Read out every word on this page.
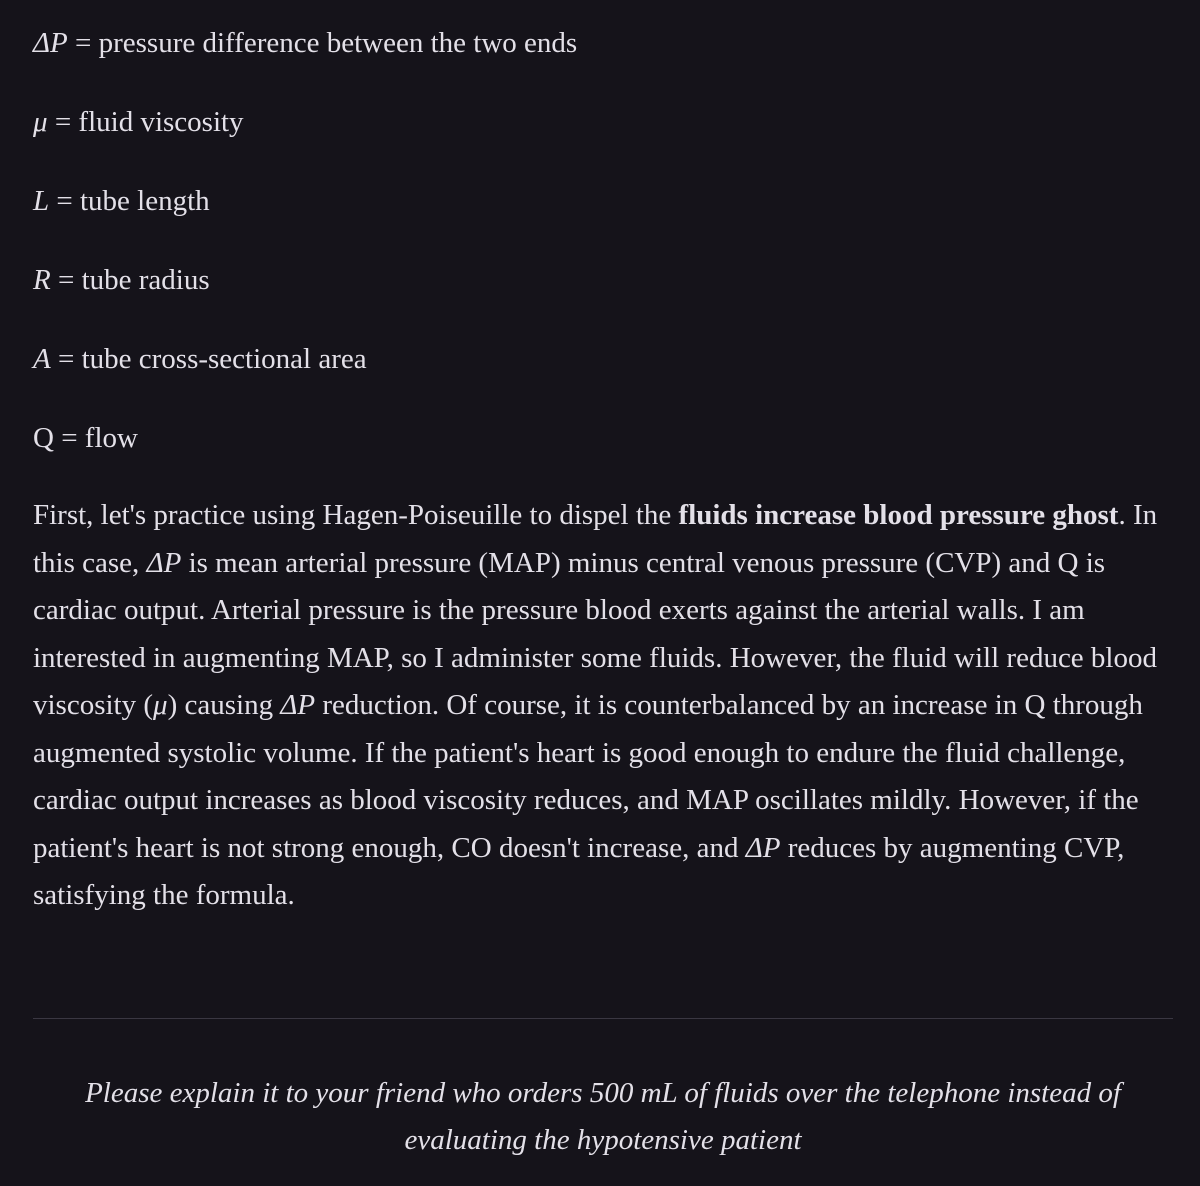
ΔP = pressure difference between the two ends
μ = fluid viscosity
L = tube length
R = tube radius
A = tube cross-sectional area
Q = flow

First, let's practice using Hagen-Poiseuille to dispel the fluids increase blood pressure ghost. In this case, ΔP is mean arterial pressure (MAP) minus central venous pressure (CVP) and Q is cardiac output. Arterial pressure is the pressure blood exerts against the arterial walls. I am interested in augmenting MAP, so I administer some fluids. However, the fluid will reduce blood viscosity (μ) causing ΔP reduction. Of course, it is counterbalanced by an increase in Q through augmented systolic volume. If the patient's heart is good enough to endure the fluid challenge, cardiac output increases as blood viscosity reduces, and MAP oscillates mildly. However, if the patient's heart is not strong enough, CO doesn't increase, and ΔP reduces by augmenting CVP, satisfying the formula.

Please explain it to your friend who orders 500 mL of fluids over the telephone instead of evaluating the hypotensive patient
